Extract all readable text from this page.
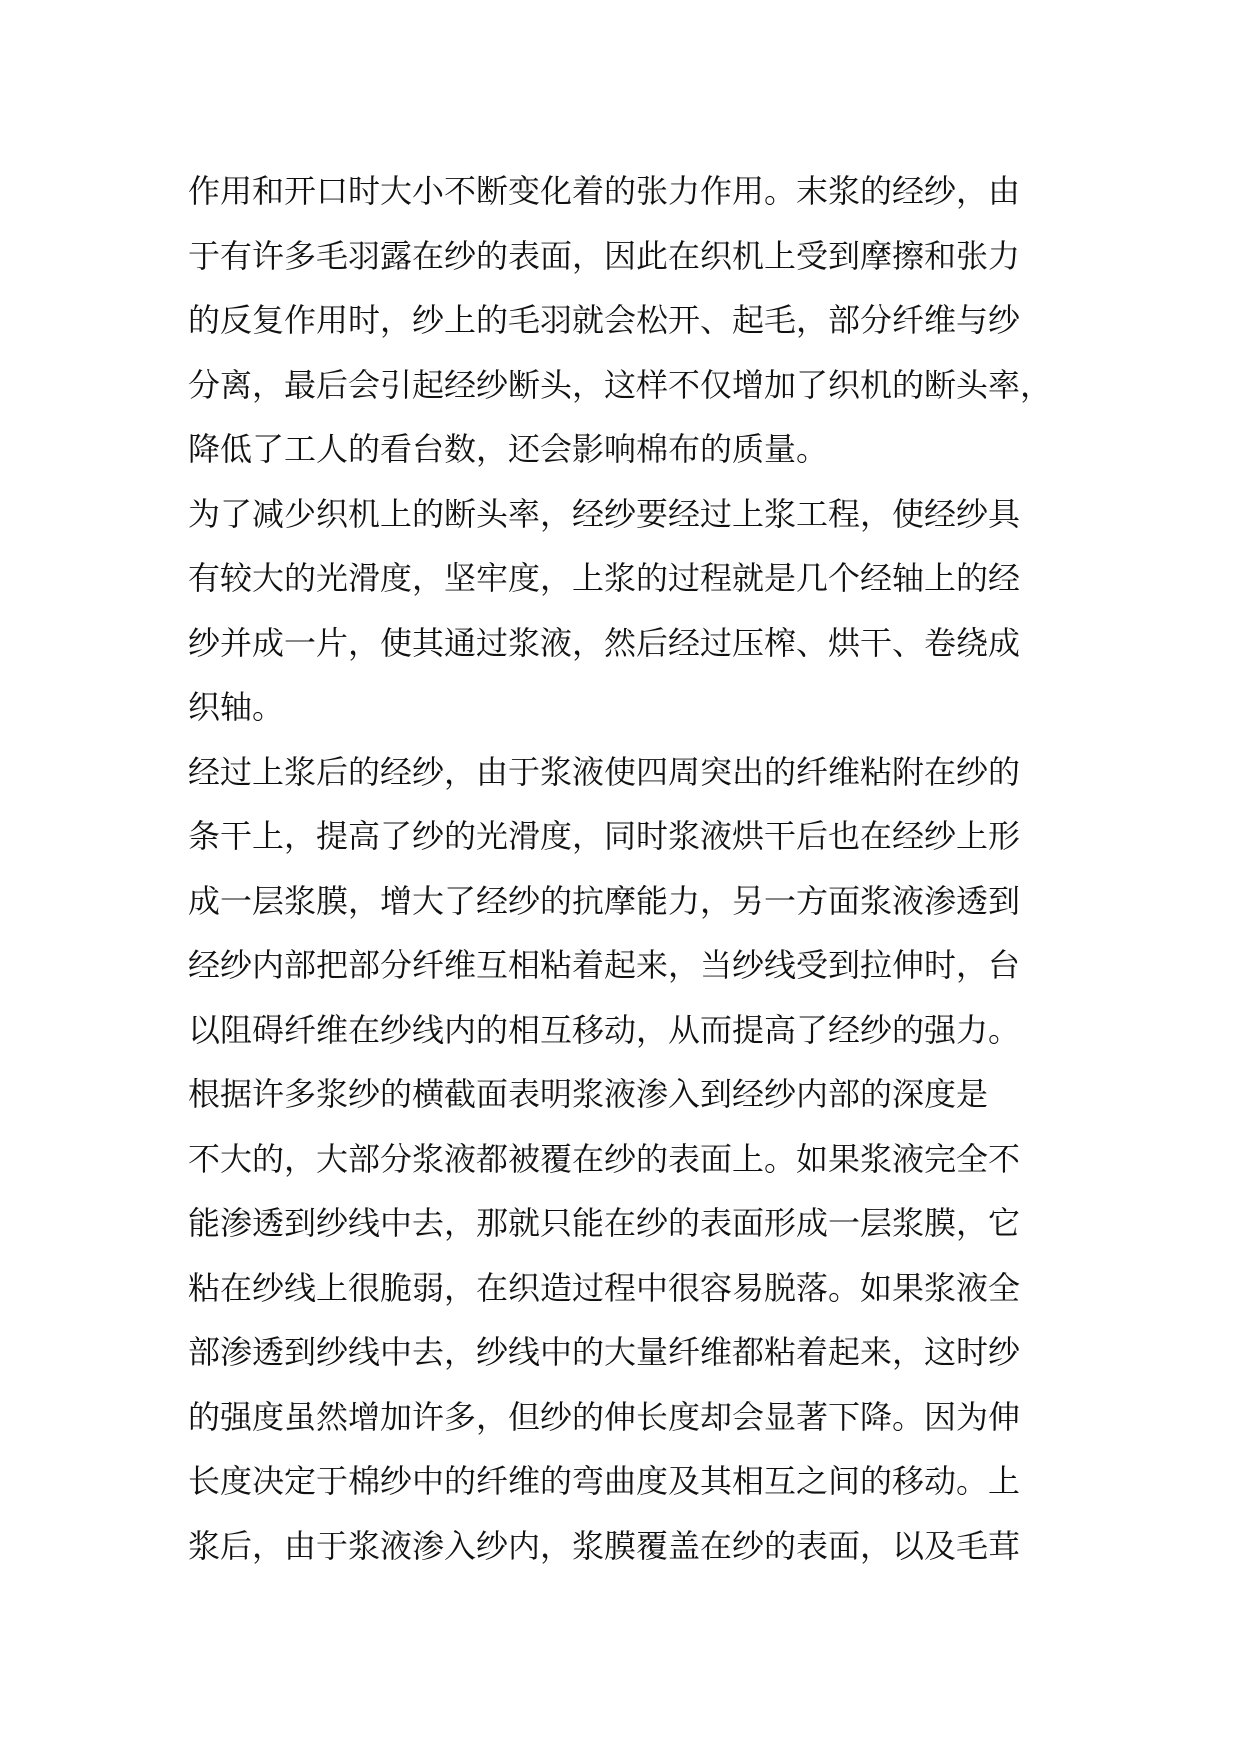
作用和开口时大小不断变化着的张力作用。末浆的经纱，由
于有许多毛羽露在纱的表面，因此在织机上受到摩擦和张力
的反复作用时，纱上的毛羽就会松开、起毛，部分纤维与纱
分离，最后会引起经纱断头，这样不仅增加了织机的断头率，
降低了工人的看台数，还会影响棉布的质量。
为了减少织机上的断头率，经纱要经过上浆工程，使经纱具
有较大的光滑度，坚牢度，上浆的过程就是几个经轴上的经
纱并成一片，使其通过浆液，然后经过压榨、烘干、卷绕成
织轴。
经过上浆后的经纱，由于浆液使四周突出的纤维粘附在纱的
条干上，提高了纱的光滑度，同时浆液烘干后也在经纱上形
成一层浆膜，增大了经纱的抗摩能力，另一方面浆液渗透到
经纱内部把部分纤维互相粘着起来，当纱线受到拉伸时，台
以阻碍纤维在纱线内的相互移动，从而提高了经纱的强力。
根据许多浆纱的横截面表明浆液渗入到经纱内部的深度是
不大的，大部分浆液都被覆在纱的表面上。如果浆液完全不
能渗透到纱线中去，那就只能在纱的表面形成一层浆膜，它
粘在纱线上很脆弱，在织造过程中很容易脱落。如果浆液全
部渗透到纱线中去，纱线中的大量纤维都粘着起来，这时纱
的强度虽然增加许多，但纱的伸长度却会显著下降。因为伸
长度决定于棉纱中的纤维的弯曲度及其相互之间的移动。上
浆后，由于浆液渗入纱内，浆膜覆盖在纱的表面，以及毛茸
